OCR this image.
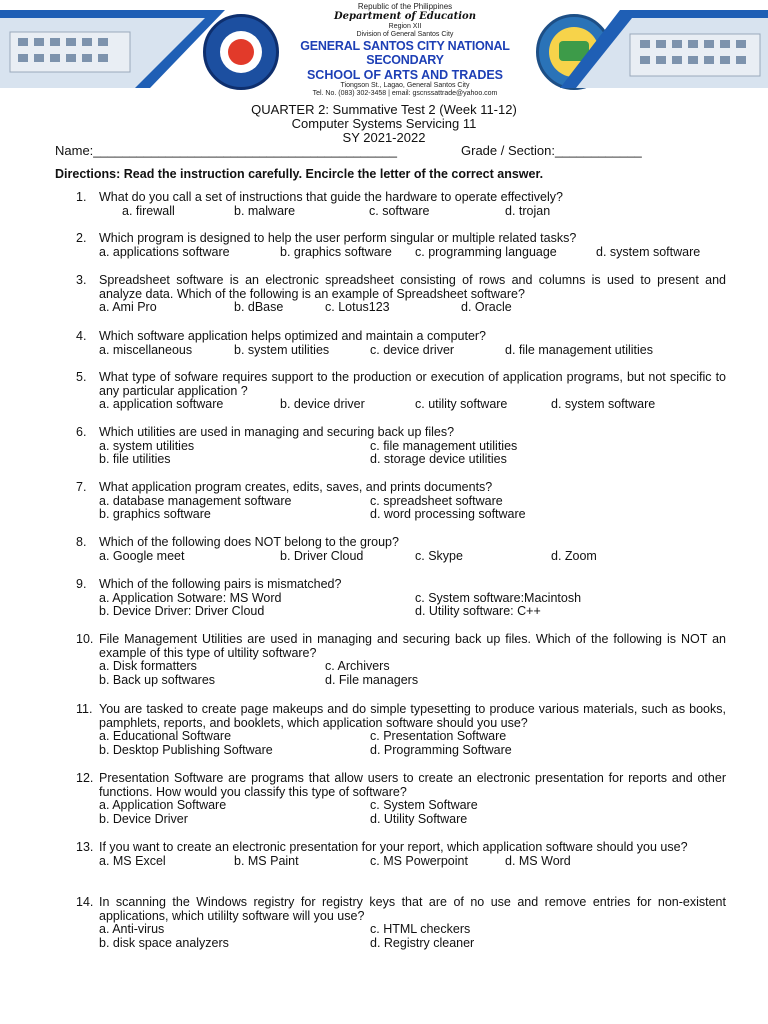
Republic of the Philippines
Department of Education
Region XII
Division of General Santos City
GENERAL SANTOS CITY NATIONAL SECONDARY
SCHOOL OF ARTS AND TRADES
Tiongson St., Lagao, General Santos City
Tel. No. (083) 302-3458 | email: gscnssattrade@yahoo.com
QUARTER 2: Summative Test 2 (Week 11-12)
Computer Systems Servicing 11
SY 2021-2022
Name:__________________________________________	Grade / Section:____________
Directions: Read the instruction carefully. Encircle the letter of the correct answer.
1.	What do you call a set of instructions that guide the hardware to operate effectively?
a. firewall	b. malware	c. software	d. trojan
2.	Which program is designed to help the user perform singular or multiple related tasks?
a. applications software	b. graphics software c. programming language	d. system software
3.	Spreadsheet software is an electronic spreadsheet consisting of rows and columns is used to present and analyze data. Which of the following is an example of Spreadsheet software?
a. Ami Pro	b. dBase	c. Lotus123	d. Oracle
4.	Which software application helps optimized and maintain a computer?
a. miscellaneous	b. system utilities	c. device driver	d. file management utilities
5.	What type of sofware requires support to the production or execution of application programs, but not specific to any particular application ?
a. application software	b. device driver	c. utility software	d. system software
6.	Which utilities are used in managing and securing back up files?
a. system utilities	c. file management utilities
b. file utilities	d. storage device utilities
7.	What application program creates, edits, saves, and prints documents?
a. database management software	c. spreadsheet software
b. graphics software	d. word processing software
8.	Which of the following does NOT belong to the group?
a. Google meet	b. Driver Cloud	c. Skype	d. Zoom
9.	Which of the following pairs is mismatched?
a. Application Sotware: MS Word	c. System software:Macintosh
b. Device Driver: Driver Cloud	d. Utility software: C++
10. File Management Utilities are used in managing and securing back up files. Which of the following is NOT an example of this type of ultility software?
a. Disk formatters	c. Archivers
b. Back up softwares	d. File managers
11. You are tasked to create page makeups and do simple typesetting to produce various materials, such as books, pamphlets, reports, and booklets, which application software should you use?
a. Educational Software	c. Presentation Software
b. Desktop Publishing Software	d. Programming Software
12. Presentation Software are programs that allow users to create an electronic presentation for reports and other functions. How would you classify this type of software?
a. Application Software	c. System Software
b. Device Driver	d. Utility Software
13. If you want to create an electronic presentation for your report, which application software should you use?
a. MS Excel	b. MS Paint	c. MS Powerpoint	d. MS Word
14. In scanning the Windows registry for registry keys that are of no use and remove entries for non-existent applications, which utililty software will you use?
a. Anti-virus	c. HTML checkers
b. disk space analyzers	d. Registry cleaner
